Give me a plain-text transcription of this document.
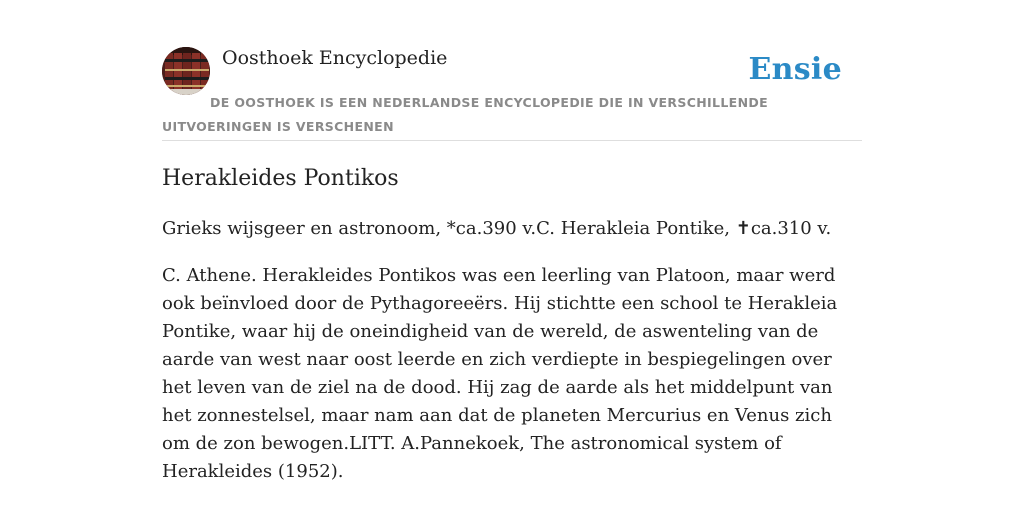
Oosthoek Encyclopedie	Ensie
DE OOSTHOEK IS EEN NEDERLANDSE ENCYCLOPEDIE DIE IN VERSCHILLENDE UITVOERINGEN IS VERSCHENEN
Herakleides Pontikos

Grieks wijsgeer en astronoom, *ca.390 v.C. Herakleia Pontike, ✝ca.310 v.

C. Athene. Herakleides Pontikos was een leerling van Platoon, maar werd ook beïnvloed door de Pythagoreeërs. Hij stichtte een school te Herakleia Pontike, waar hij de oneindigheid van de wereld, de aswenteling van de aarde van west naar oost leerde en zich verdiepte in bespiegelingen over het leven van de ziel na de dood. Hij zag de aarde als het middelpunt van het zonnestelsel, maar nam aan dat de planeten Mercurius en Venus zich om de zon bewogen.LITT. A.Pannekoek, The astronomical system of Herakleides (1952).
